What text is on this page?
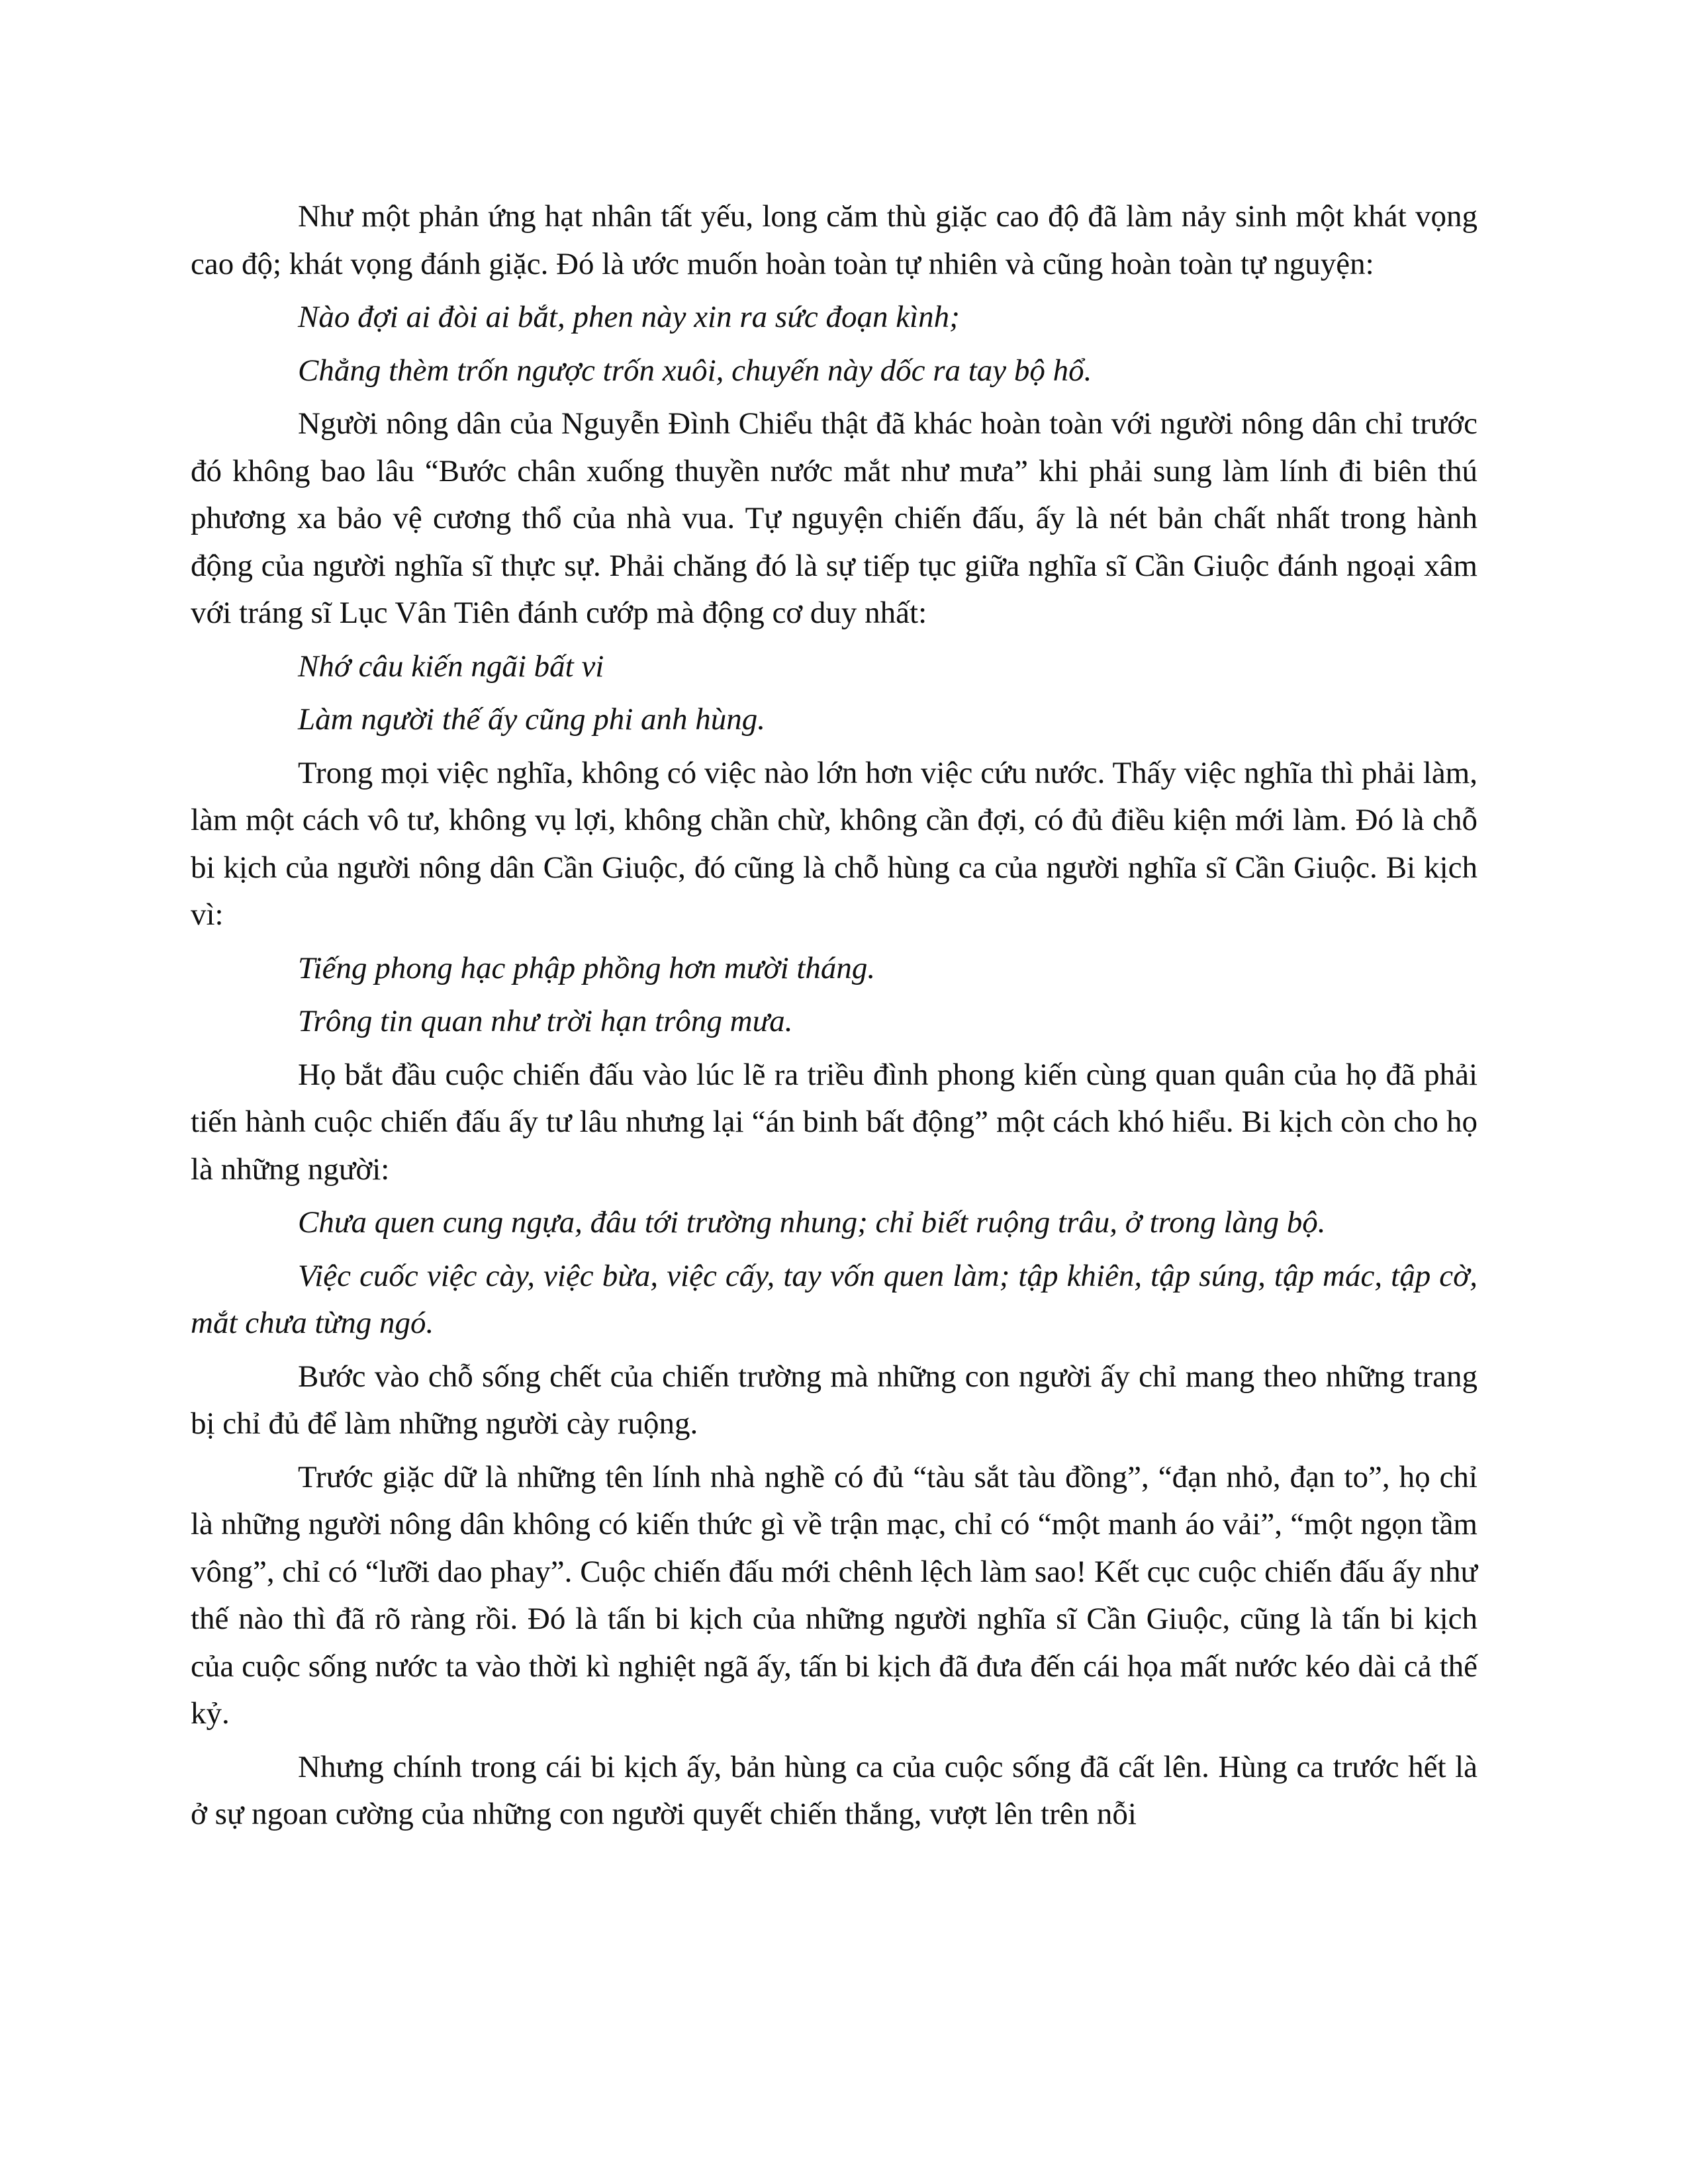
Như một phản ứng hạt nhân tất yếu, long căm thù giặc cao độ đã làm nảy sinh một khát vọng cao độ; khát vọng đánh giặc. Đó là ước muốn hoàn toàn tự nhiên và cũng hoàn toàn tự nguyện:

Nào đợi ai đòi ai bắt, phen này xin ra sức đoạn kình;

Chẳng thèm trốn ngược trốn xuôi, chuyến này dốc ra tay bộ hổ.

Người nông dân của Nguyễn Đình Chiểu thật đã khác hoàn toàn với người nông dân chỉ trước đó không bao lâu “Bước chân xuống thuyền nước mắt như mưa” khi phải sung làm lính đi biên thú phương xa bảo vệ cương thổ của nhà vua. Tự nguyện chiến đấu, ấy là nét bản chất nhất trong hành động của người nghĩa sĩ thực sự. Phải chăng đó là sự tiếp tục giữa nghĩa sĩ Cần Giuộc đánh ngoại xâm với tráng sĩ Lục Vân Tiên đánh cướp mà động cơ duy nhất:

Nhớ câu kiến ngãi bất vi

Làm người thế ấy cũng phi anh hùng.

Trong mọi việc nghĩa, không có việc nào lớn hơn việc cứu nước. Thấy việc nghĩa thì phải làm, làm một cách vô tư, không vụ lợi, không chần chừ, không cần đợi, có đủ điều kiện mới làm. Đó là chỗ bi kịch của người nông dân Cần Giuộc, đó cũng là chỗ hùng ca của người nghĩa sĩ Cần Giuộc. Bi kịch vì:

Tiếng phong hạc phập phồng hơn mười tháng.

Trông tin quan như trời hạn trông mưa.

Họ bắt đầu cuộc chiến đấu vào lúc lẽ ra triều đình phong kiến cùng quan quân của họ đã phải tiến hành cuộc chiến đấu ấy tư lâu nhưng lại “án binh bất động” một cách khó hiểu. Bi kịch còn cho họ là những người:

Chưa quen cung ngựa, đâu tới trường nhung; chỉ biết ruộng trâu, ở trong làng bộ.

Việc cuốc việc cày, việc bừa, việc cấy, tay vốn quen làm; tập khiên, tập súng, tập mác, tập cờ, mắt chưa từng ngó.

Bước vào chỗ sống chết của chiến trường mà những con người ấy chỉ mang theo những trang bị chỉ đủ để làm những người cày ruộng.

Trước giặc dữ là những tên lính nhà nghề có đủ “tàu sắt tàu đồng”, “đạn nhỏ, đạn to”, họ chỉ là những người nông dân không có kiến thức gì về trận mạc, chỉ có “một manh áo vải”, “một ngọn tầm vông”, chỉ có “lưỡi dao phay”. Cuộc chiến đấu mới chênh lệch làm sao! Kết cục cuộc chiến đấu ấy như thế nào thì đã rõ ràng rồi. Đó là tấn bi kịch của những người nghĩa sĩ Cần Giuộc, cũng là tấn bi kịch của cuộc sống nước ta vào thời kì nghiệt ngã ấy, tấn bi kịch đã đưa đến cái họa mất nước kéo dài cả thế kỷ.

Nhưng chính trong cái bi kịch ấy, bản hùng ca của cuộc sống đã cất lên. Hùng ca trước hết là ở sự ngoan cường của những con người quyết chiến thắng, vượt lên trên nỗi
